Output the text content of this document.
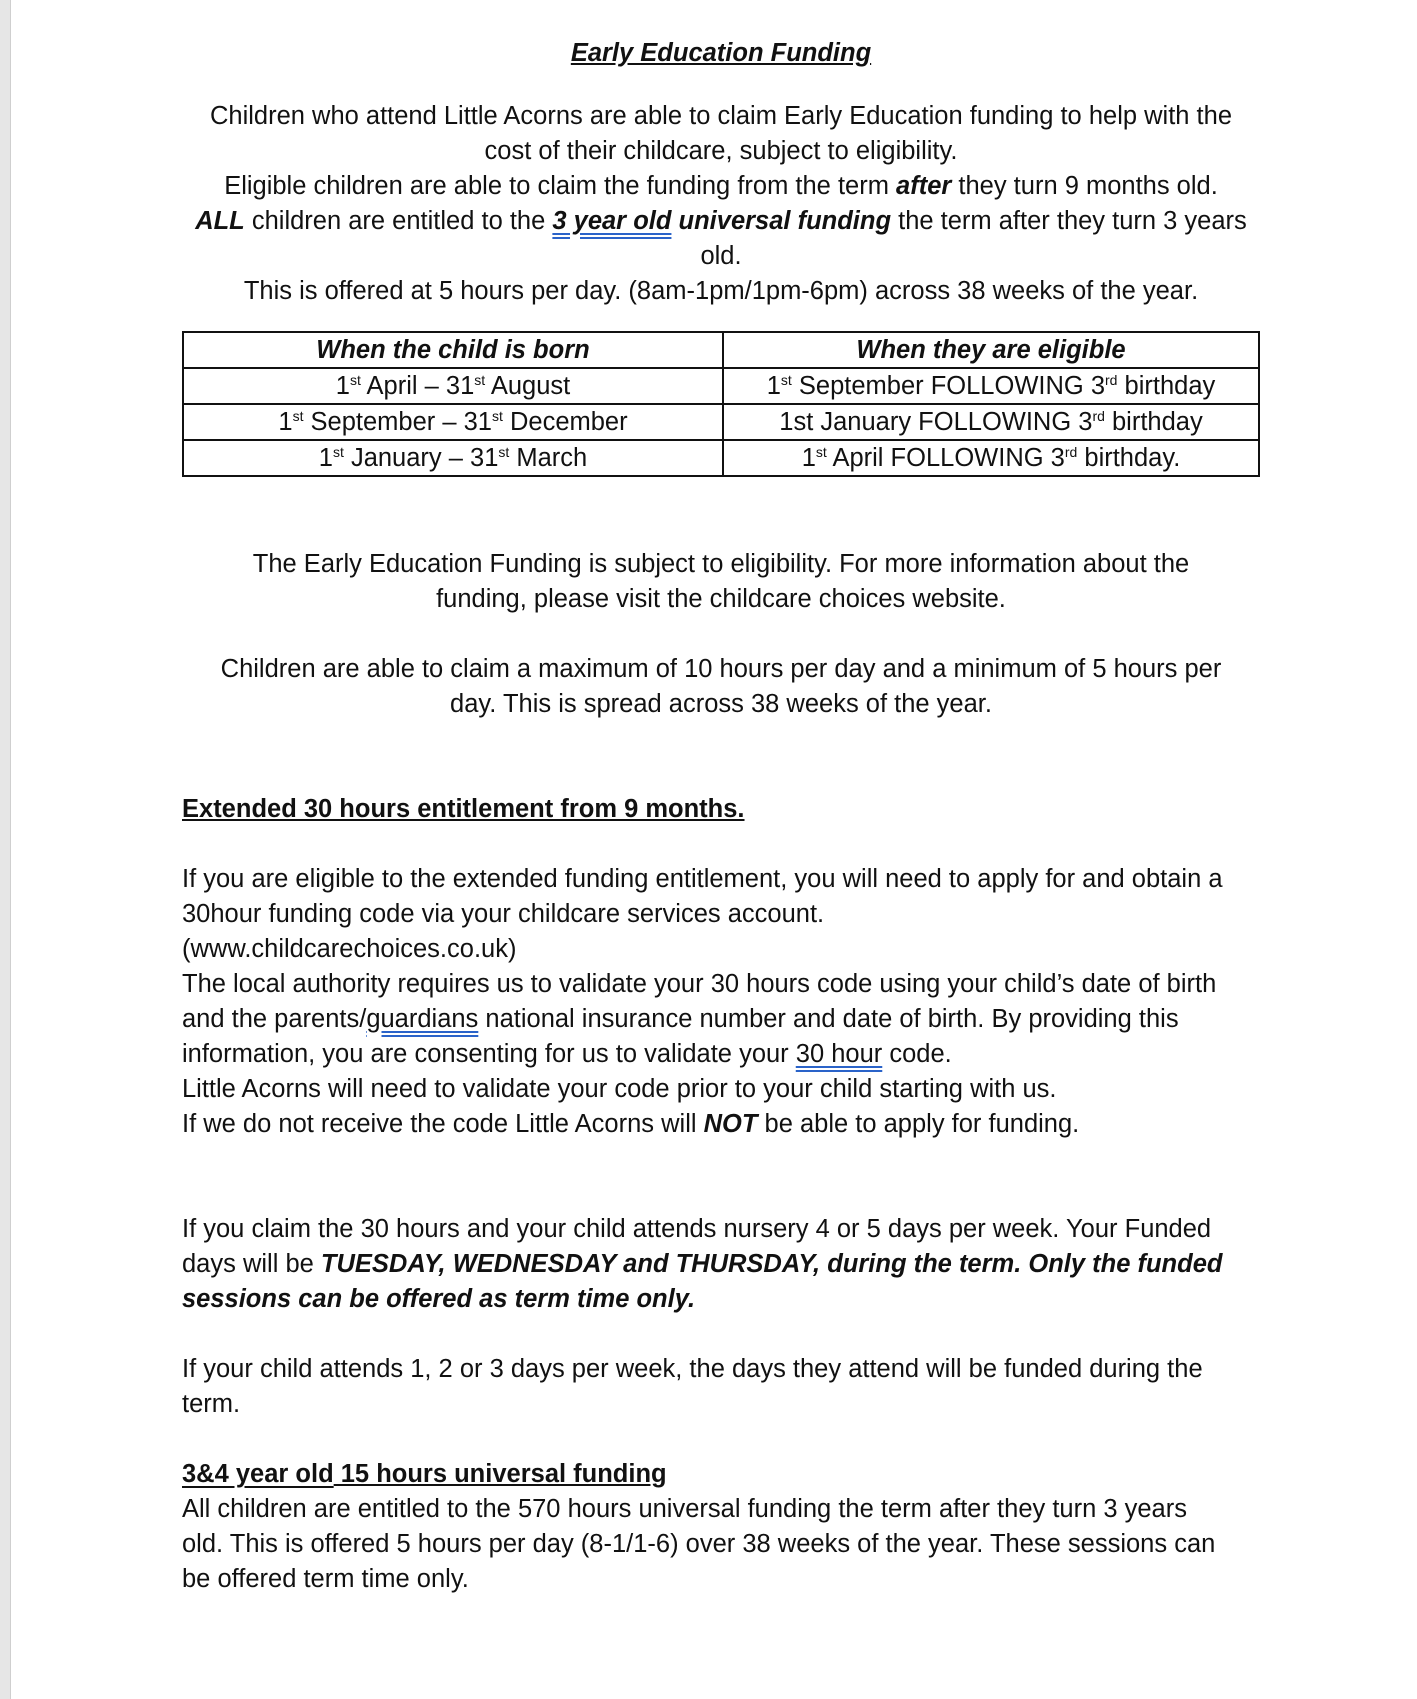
Early Education Funding

Children who attend Little Acorns are able to claim Early Education funding to help with the cost of their childcare, subject to eligibility.

Eligible children are able to claim the funding from the term after they turn 9 months old.

ALL children are entitled to the 3 year old universal funding the term after they turn 3 years old.

This is offered at 5 hours per day. (8am-1pm/1pm-6pm) across 38 weeks of the year.

When the child is born	When they are eligible
1st April – 31st August	1st September FOLLOWING 3rd birthday
1st September – 31st December	1st January FOLLOWING 3rd birthday
1st January – 31st March	1st April FOLLOWING 3rd birthday.

The Early Education Funding is subject to eligibility. For more information about the funding, please visit the childcare choices website.

Children are able to claim a maximum of 10 hours per day and a minimum of 5 hours per day. This is spread across 38 weeks of the year.

Extended 30 hours entitlement from 9 months.

If you are eligible to the extended funding entitlement, you will need to apply for and obtain a 30hour funding code via your childcare services account.

(www.childcarechoices.co.uk)

The local authority requires us to validate your 30 hours code using your child’s date of birth and the parents/guardians national insurance number and date of birth. By providing this information, you are consenting for us to validate your 30 hour code.

Little Acorns will need to validate your code prior to your child starting with us.

If we do not receive the code Little Acorns will NOT be able to apply for funding.

If you claim the 30 hours and your child attends nursery 4 or 5 days per week. Your Funded days will be TUESDAY, WEDNESDAY and THURSDAY, during the term. Only the funded sessions can be offered as term time only.

If your child attends 1, 2 or 3 days per week, the days they attend will be funded during the term.

3&4 year old 15 hours universal funding

All children are entitled to the 570 hours universal funding the term after they turn 3 years old. This is offered 5 hours per day (8-1/1-6) over 38 weeks of the year. These sessions can be offered term time only.
